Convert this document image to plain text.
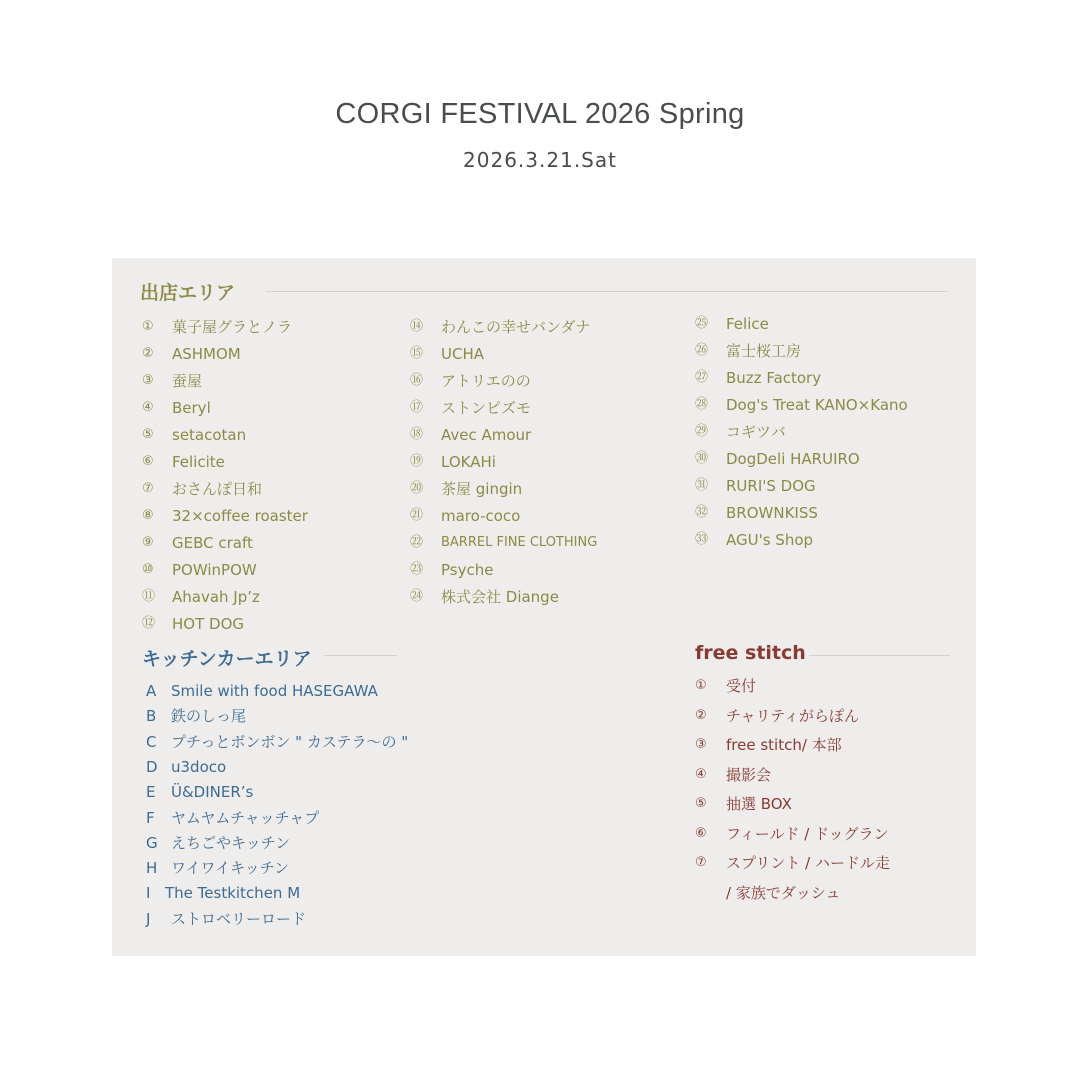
CORGI FESTIVAL 2026 Spring
2026.3.21.Sat
出店エリア
① 菓子屋グラとノラ
② ASHMOM
③ 蚕屋
④ Beryl
⑤ setacotan
⑥ Felicite
⑦ おさんぽ日和
⑧ 32×coffee roaster
⑨ GEBC craft
⑩ POWinPOW
⑪ Ahavah Jp’z
⑫ HOT DOG
⑭ わんこの幸せバンダナ
⑮ UCHA
⑯ アトリエのの
⑰ ストンピズモ
⑱ Avec Amour
⑲ LOKAHi
⑳ 茶屋 gingin
㉑ maro-coco
㉒ BARREL FINE CLOTHING
㉓ Psyche
㉔ 株式会社 Diange
㉕ Felice
㉖ 富士桜工房
㉗ Buzz Factory
㉘ Dog's Treat KANO×Kano
㉙ コギツバ
㉚ DogDeli HARUIRO
㉛ RURI'S DOG
㉜ BROWNKISS
㉝ AGU's Shop
キッチンカーエリア
A Smile with food HASEGAWA
B 鉄のしっ尾
C プチっとボンボン " カステラ〜の "
D u3doco
E Ü&DINER’s
F ヤムヤムチャッチャプ
G えちごやキッチン
H ワイワイキッチン
I The Testkitchen M
J ストロベリーロード
free stitch
① 受付
② チャリティがらぽん
③ free stitch/ 本部
④ 撮影会
⑤ 抽選 BOX
⑥ フィールド / ドッグラン
⑦ スプリント / ハードル走
/ 家族でダッシュ
